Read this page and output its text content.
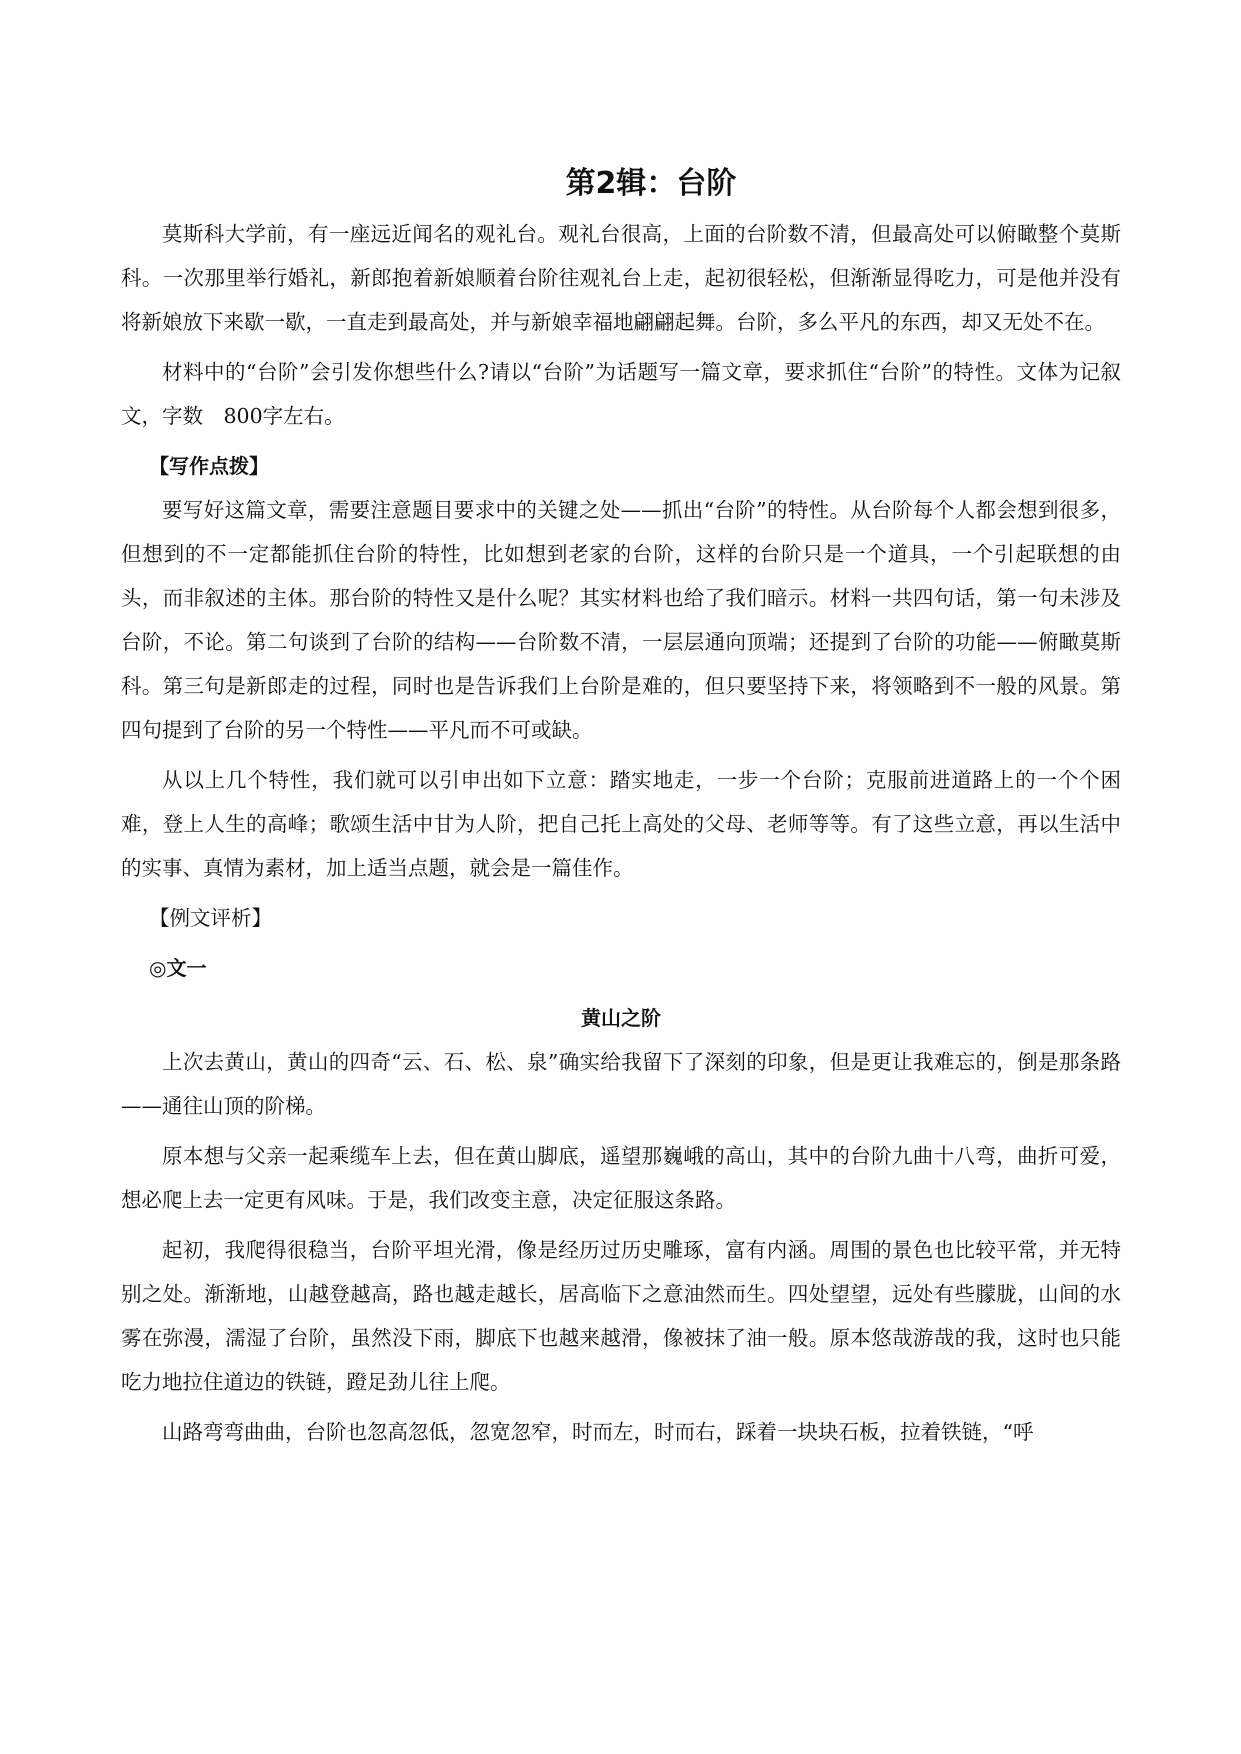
第2辑：台阶

莫斯科大学前，有一座远近闻名的观礼台。观礼台很高，上面的台阶数不清，但最高处可以俯瞰整个莫斯科。一次那里举行婚礼，新郎抱着新娘顺着台阶往观礼台上走，起初很轻松，但渐渐显得吃力，可是他并没有将新娘放下来歇一歇，一直走到最高处，并与新娘幸福地翩翩起舞。台阶，多么平凡的东西，却又无处不在。

材料中的“台阶”会引发你想些什么?请以“台阶”为话题写一篇文章，要求抓住“台阶”的特性。文体为记叙文，字数　800字左右。

【写作点拨】

要写好这篇文章，需要注意题目要求中的关键之处——抓出“台阶”的特性。从台阶每个人都会想到很多，但想到的不一定都能抓住台阶的特性，比如想到老家的台阶，这样的台阶只是一个道具，一个引起联想的由头，而非叙述的主体。那台阶的特性又是什么呢？其实材料也给了我们暗示。材料一共四句话，第一句未涉及台阶，不论。第二句谈到了台阶的结构——台阶数不清，一层层通向顶端；还提到了台阶的功能——俯瞰莫斯科。第三句是新郎走的过程，同时也是告诉我们上台阶是难的，但只要坚持下来，将领略到不一般的风景。第四句提到了台阶的另一个特性——平凡而不可或缺。

从以上几个特性，我们就可以引申出如下立意：踏实地走，一步一个台阶；克服前进道路上的一个个困难，登上人生的高峰；歌颂生活中甘为人阶，把自己托上高处的父母、老师等等。有了这些立意，再以生活中的实事、真情为素材，加上适当点题，就会是一篇佳作。

【例文评析】
◎文一
黄山之阶

上次去黄山，黄山的四奇“云、石、松、泉”确实给我留下了深刻的印象，但是更让我难忘的，倒是那条路——通往山顶的阶梯。

原本想与父亲一起乘缆车上去，但在黄山脚底，遥望那巍峨的高山，其中的台阶九曲十八弯，曲折可爱，想必爬上去一定更有风味。于是，我们改变主意，决定征服这条路。

起初，我爬得很稳当，台阶平坦光滑，像是经历过历史雕琢，富有内涵。周围的景色也比较平常，并无特别之处。渐渐地，山越登越高，路也越走越长，居高临下之意油然而生。四处望望，远处有些朦胧，山间的水雾在弥漫，濡湿了台阶，虽然没下雨，脚底下也越来越滑，像被抹了油一般。原本悠哉游哉的我，这时也只能吃力地拉住道边的铁链，蹬足劲儿往上爬。

山路弯弯曲曲，台阶也忽高忽低，忽宽忽窄，时而左，时而右，踩着一块块石板，拉着铁链，“呼
